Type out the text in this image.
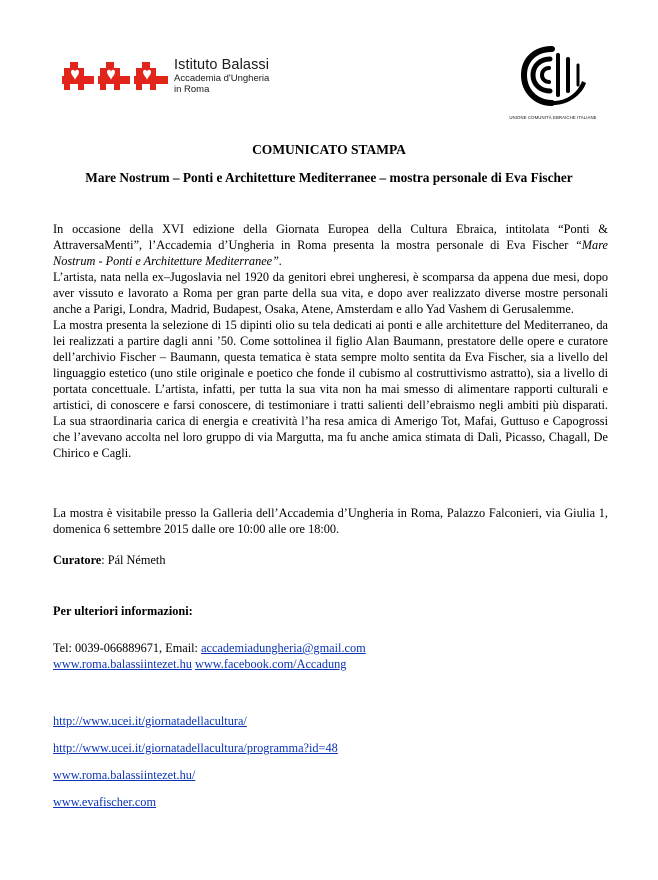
Istituto Balassi
Accademia d'Ungheria
in Roma
UNIONE COMUNITÀ EBRAICHE ITALIANE
COMUNICATO STAMPA
Mare Nostrum – Ponti e Architetture Mediterranee – mostra personale di Eva Fischer

In occasione della XVI edizione della Giornata Europea della Cultura Ebraica, intitolata “Ponti & AttraversaMenti”, l’Accademia d’Ungheria in Roma presenta la mostra personale di Eva Fischer “Mare Nostrum - Ponti e Architetture Mediterranee”.

L’artista, nata nella ex–Jugoslavia nel 1920 da genitori ebrei ungheresi, è scomparsa da appena due mesi, dopo aver vissuto e lavorato a Roma per gran parte della sua vita, e dopo aver realizzato diverse mostre personali anche a Parigi, Londra, Madrid, Budapest, Osaka, Atene, Amsterdam e allo Yad Vashem di Gerusalemme.

La mostra presenta la selezione di 15 dipinti olio su tela dedicati ai ponti e alle architetture del Mediterraneo, da lei realizzati a partire dagli anni ’50. Come sottolinea il figlio Alan Baumann, prestatore delle opere e curatore dell’archivio Fischer – Baumann, questa tematica è stata sempre molto sentita da Eva Fischer, sia a livello del linguaggio estetico (uno stile originale e poetico che fonde il cubismo al costruttivismo astratto), sia a livello di portata concettuale. L’artista, infatti, per tutta la sua vita non ha mai smesso di alimentare rapporti culturali e artistici, di conoscere e farsi conoscere, di testimoniare i tratti salienti dell’ebraismo negli ambiti più disparati. La sua straordinaria carica di energia e creatività l’ha resa amica di Amerigo Tot, Mafai, Guttuso e Capogrossi che l’avevano accolta nel loro gruppo di via Margutta, ma fu anche amica stimata di Dalì, Picasso, Chagall, De Chirico e Cagli.

La mostra è visitabile presso la Galleria dell’Accademia d’Ungheria in Roma, Palazzo Falconieri, via Giulia 1, domenica 6 settembre 2015 dalle ore 10:00 alle ore 18:00.

Curatore: Pál Németh
Per ulteriori informazioni:
Tel: 0039-066889671, Email: accademiadungheria@gmail.com
www.roma.balassiintezet.hu www.facebook.com/Accadung
http://www.ucei.it/giornatadellacultura/
http://www.ucei.it/giornatadellacultura/programma?id=48
www.roma.balassiintezet.hu/
www.evafischer.com
